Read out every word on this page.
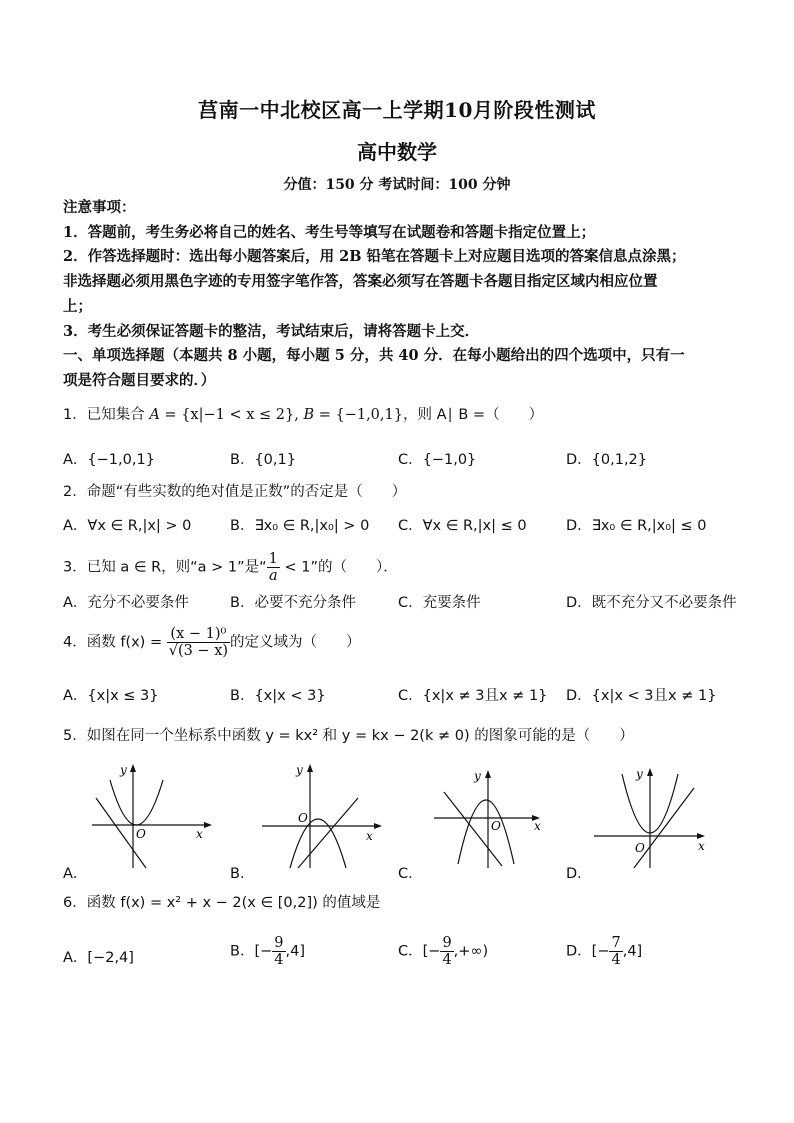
莒南一中北校区高一上学期10月阶段性测试
高中数学
分值：150 分 考试时间：100 分钟
注意事项：
1．答题前，考生务必将自己的姓名、考生号等填写在试题卷和答题卡指定位置上；
2．作答选择题时：选出每小题答案后，用 2B 铅笔在答题卡上对应题目选项的答案信息点涂黑；
非选择题必须用黑色字迹的专用签字笔作答，答案必须写在答题卡各题目指定区域内相应位置
上；
3．考生必须保证答题卡的整洁，考试结束后，请将答题卡上交．
一、单项选择题（本题共 8 小题，每小题 5 分，共 40 分．在每小题给出的四个选项中，只有一
项是符合题目要求的．）
1．已知集合 A = {x|−1 < x ≤ 2}, B = {−1,0,1}，则 A∣ B =（　　）
A．{−1,0,1}	B．{0,1}	C．{−1,0}	D．{0,1,2}
2．命题“有些实数的绝对值是正数”的否定是（　　）
A．∀x ∈ R,|x| > 0	B．∃x₀ ∈ R,|x₀| > 0 C．∀x ∈ R,|x| ≤ 0	D．∃x₀ ∈ R,|x₀| ≤ 0
3．已知 a ∈ R，则“a > 1”是“ $\frac{1}{a} < 1$”的（　　）．
A．充分不必要条件	B．必要不充分条件	C．充要条件	D．既不充分又不必要条件
4．函数 $f(x) = \frac{\text{(x − 1)⁰}}{√(3 - x)}$ 的定义域为（　　）
A．{x|x ≤ 3}	B．{x|x < 3}	C．{x|x ≠ 3且x ≠ 1} D．{x|x < 3且x ≠ 1}
5．如图在同一个坐标系中函数 y = kx² 和 y = kx − 2(k ≠ 0) 的图象可能的是（　　）
y
x
O
A．
y
x
O
B．
y
x
O
C．
y
x
O
D．
6．函数 f(x) = x² + x − 2(x ∈ [0,2]) 的值域是
A．[−2,4]	B．[− $\frac{9}{4} ,4$]	C．[− $\frac{9}{4}$ ,+∞)	D．[− $\frac{7}{4} ,4$]
